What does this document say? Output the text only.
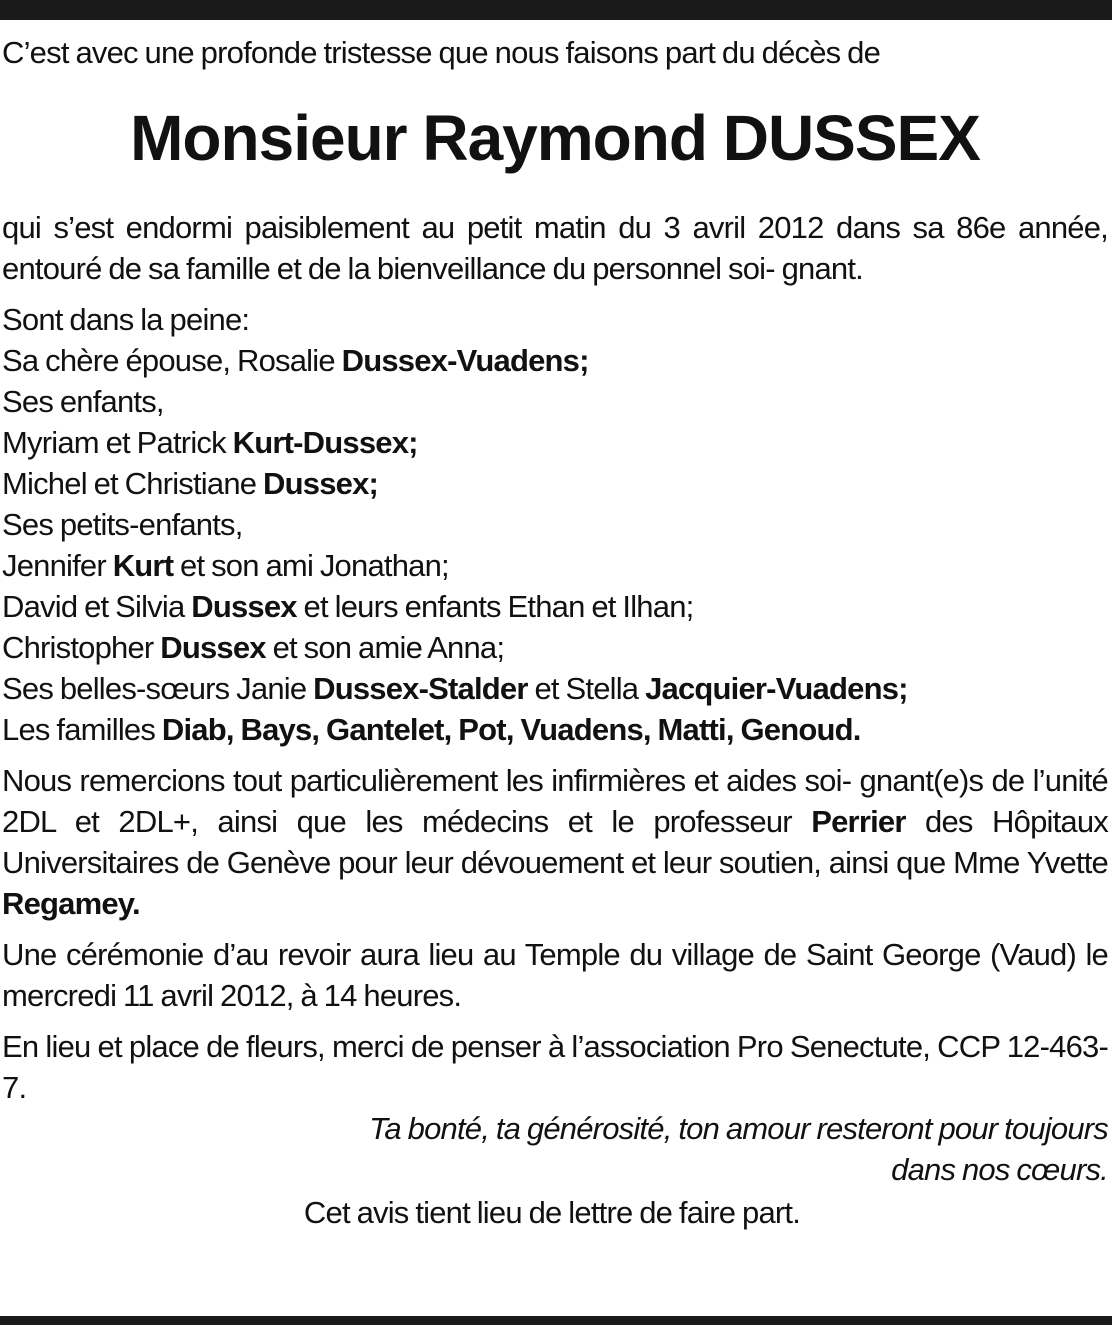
C’est avec une profonde tristesse que nous faisons part du décès de

Monsieur Raymond DUSSEX

qui s’est endormi paisiblement au petit matin du 3 avril 2012 dans sa 86e année, entouré de sa famille et de la bienveillance du personnel soi- gnant.

Sont dans la peine:
Sa chère épouse, Rosalie Dussex-Vuadens;
Ses enfants,
Myriam et Patrick Kurt-Dussex;
Michel et Christiane Dussex;
Ses petits-enfants,
Jennifer Kurt et son ami Jonathan;
David et Silvia Dussex et leurs enfants Ethan et Ilhan;
Christopher Dussex et son amie Anna;
Ses belles-sœurs Janie Dussex-Stalder et Stella Jacquier-Vuadens;
Les familles Diab, Bays, Gantelet, Pot, Vuadens, Matti, Genoud.

Nous remercions tout particulièrement les infirmières et aides soi- gnant(e)s de l’unité 2DL et 2DL+, ainsi que les médecins et le professeur Perrier des Hôpitaux Universitaires de Genève pour leur dévouement et leur soutien, ainsi que Mme Yvette Regamey.

Une cérémonie d’au revoir aura lieu au Temple du village de Saint George (Vaud) le mercredi 11 avril 2012, à 14 heures.

En lieu et place de fleurs, merci de penser à l’association Pro Senectute, CCP 12-463-7.

Ta bonté, ta générosité, ton amour resteront pour toujours
dans nos cœurs.

Cet avis tient lieu de lettre de faire part.
